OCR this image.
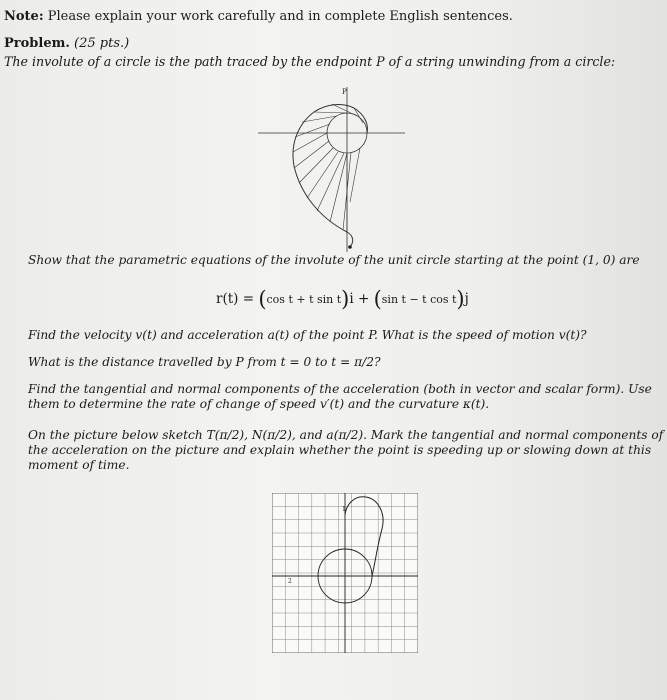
Note: Please explain your work carefully and in complete English sentences.
Problem. (25 pts.)
The involute of a circle is the path traced by the endpoint P of a string unwinding from a circle:
P
Show that the parametric equations of the involute of the unit circle starting at the point (1, 0) are
r(t) = (cos t + t sin t)i + (sin t − t cos t)j
Find the velocity v(t) and acceleration a(t) of the point P. What is the speed of motion v(t)?
What is the distance travelled by P from t = 0 to t = π/2?
Find the tangential and normal components of the acceleration (both in vector and scalar form). Use them to determine the rate of change of speed v′(t) and the curvature κ(t).
On the picture below sketch T(π/2), N(π/2), and a(π/2). Mark the tangential and normal components of the acceleration on the picture and explain whether the point is speeding up or slowing down at this moment of time.
1
2
